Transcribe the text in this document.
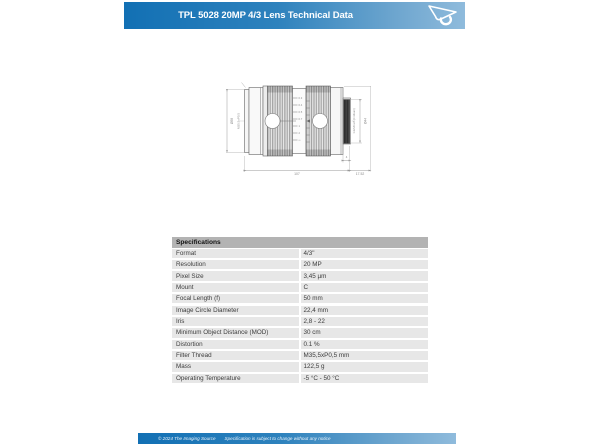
TPL 5028 20MP 4/3 Lens Technical Data
0.3
0.4
0.5
0.7
1
2
∞
Ø58 M35.5xP0.5	1-32UN-2A (C-Mount) Ø44
4
107	17.52
Specifications
Format	4/3"
Resolution	20 MP
Pixel Size	3,45 µm
Mount	C
Focal Length (f)	50 mm
Image Circle Diameter	22,4 mm
Iris	2,8 - 22
Minimum Object Distance (MOD)	30 cm
Distortion	0.1 %
Filter Thread	M35,5xP0,5 mm
Mass	122,5 g
Operating Temperature	-5 °C - 50 °C
© 2024 The Imaging Source Specification is subject to change without any notice
